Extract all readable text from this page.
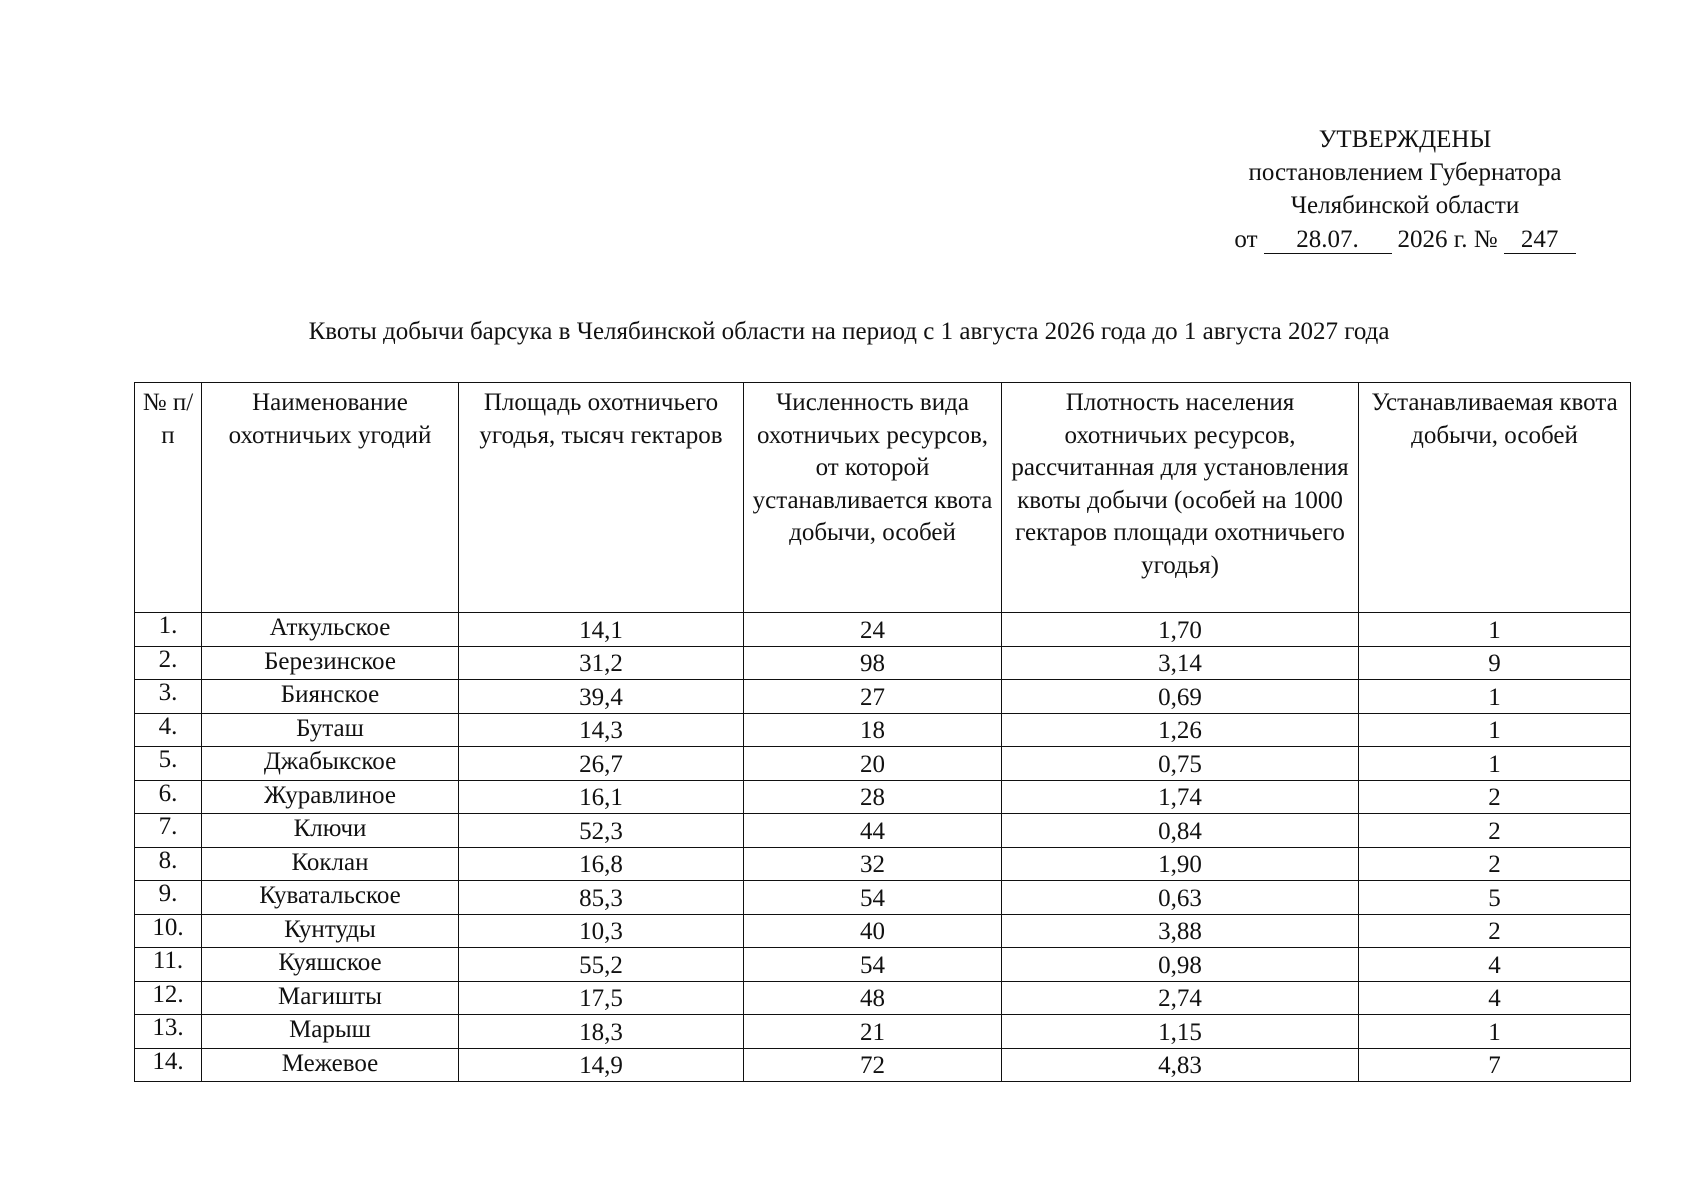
УТВЕРЖДЕНЫ
постановлением Губернатора
Челябинской области
от	28.07.	2026 г. № 247
Квоты добычи барсука в Челябинской области на период с 1 августа 2026 года до 1 августа 2027 года
№ п/п	Наименование охотничьих угодий	Площадь охотничьего угодья, тысяч гектаров	Численность вида охотничьих ресурсов, от которой устанавливается квота добычи, особей	Плотность населения охотничьих ресурсов, рассчитанная для установления квоты добычи (особей на 1000 гектаров площади охотничьего угодья)	Устанавливаемая квота добычи, особей
1.	Аткульское	14,1	24	1,70	1
2.	Березинское	31,2	98	3,14	9
3.	Биянское	39,4	27	0,69	1
4.	Буташ	14,3	18	1,26	1
5.	Джабыкское	26,7	20	0,75	1
6.	Журавлиное	16,1	28	1,74	2
7.	Ключи	52,3	44	0,84	2
8.	Коклан	16,8	32	1,90	2
9.	Куватальское	85,3	54	0,63	5
10.	Кунтуды	10,3	40	3,88	2
11.	Куяшское	55,2	54	0,98	4
12.	Магишты	17,5	48	2,74	4
13.	Марыш	18,3	21	1,15	1
14.	Межевое	14,9	72	4,83	7
